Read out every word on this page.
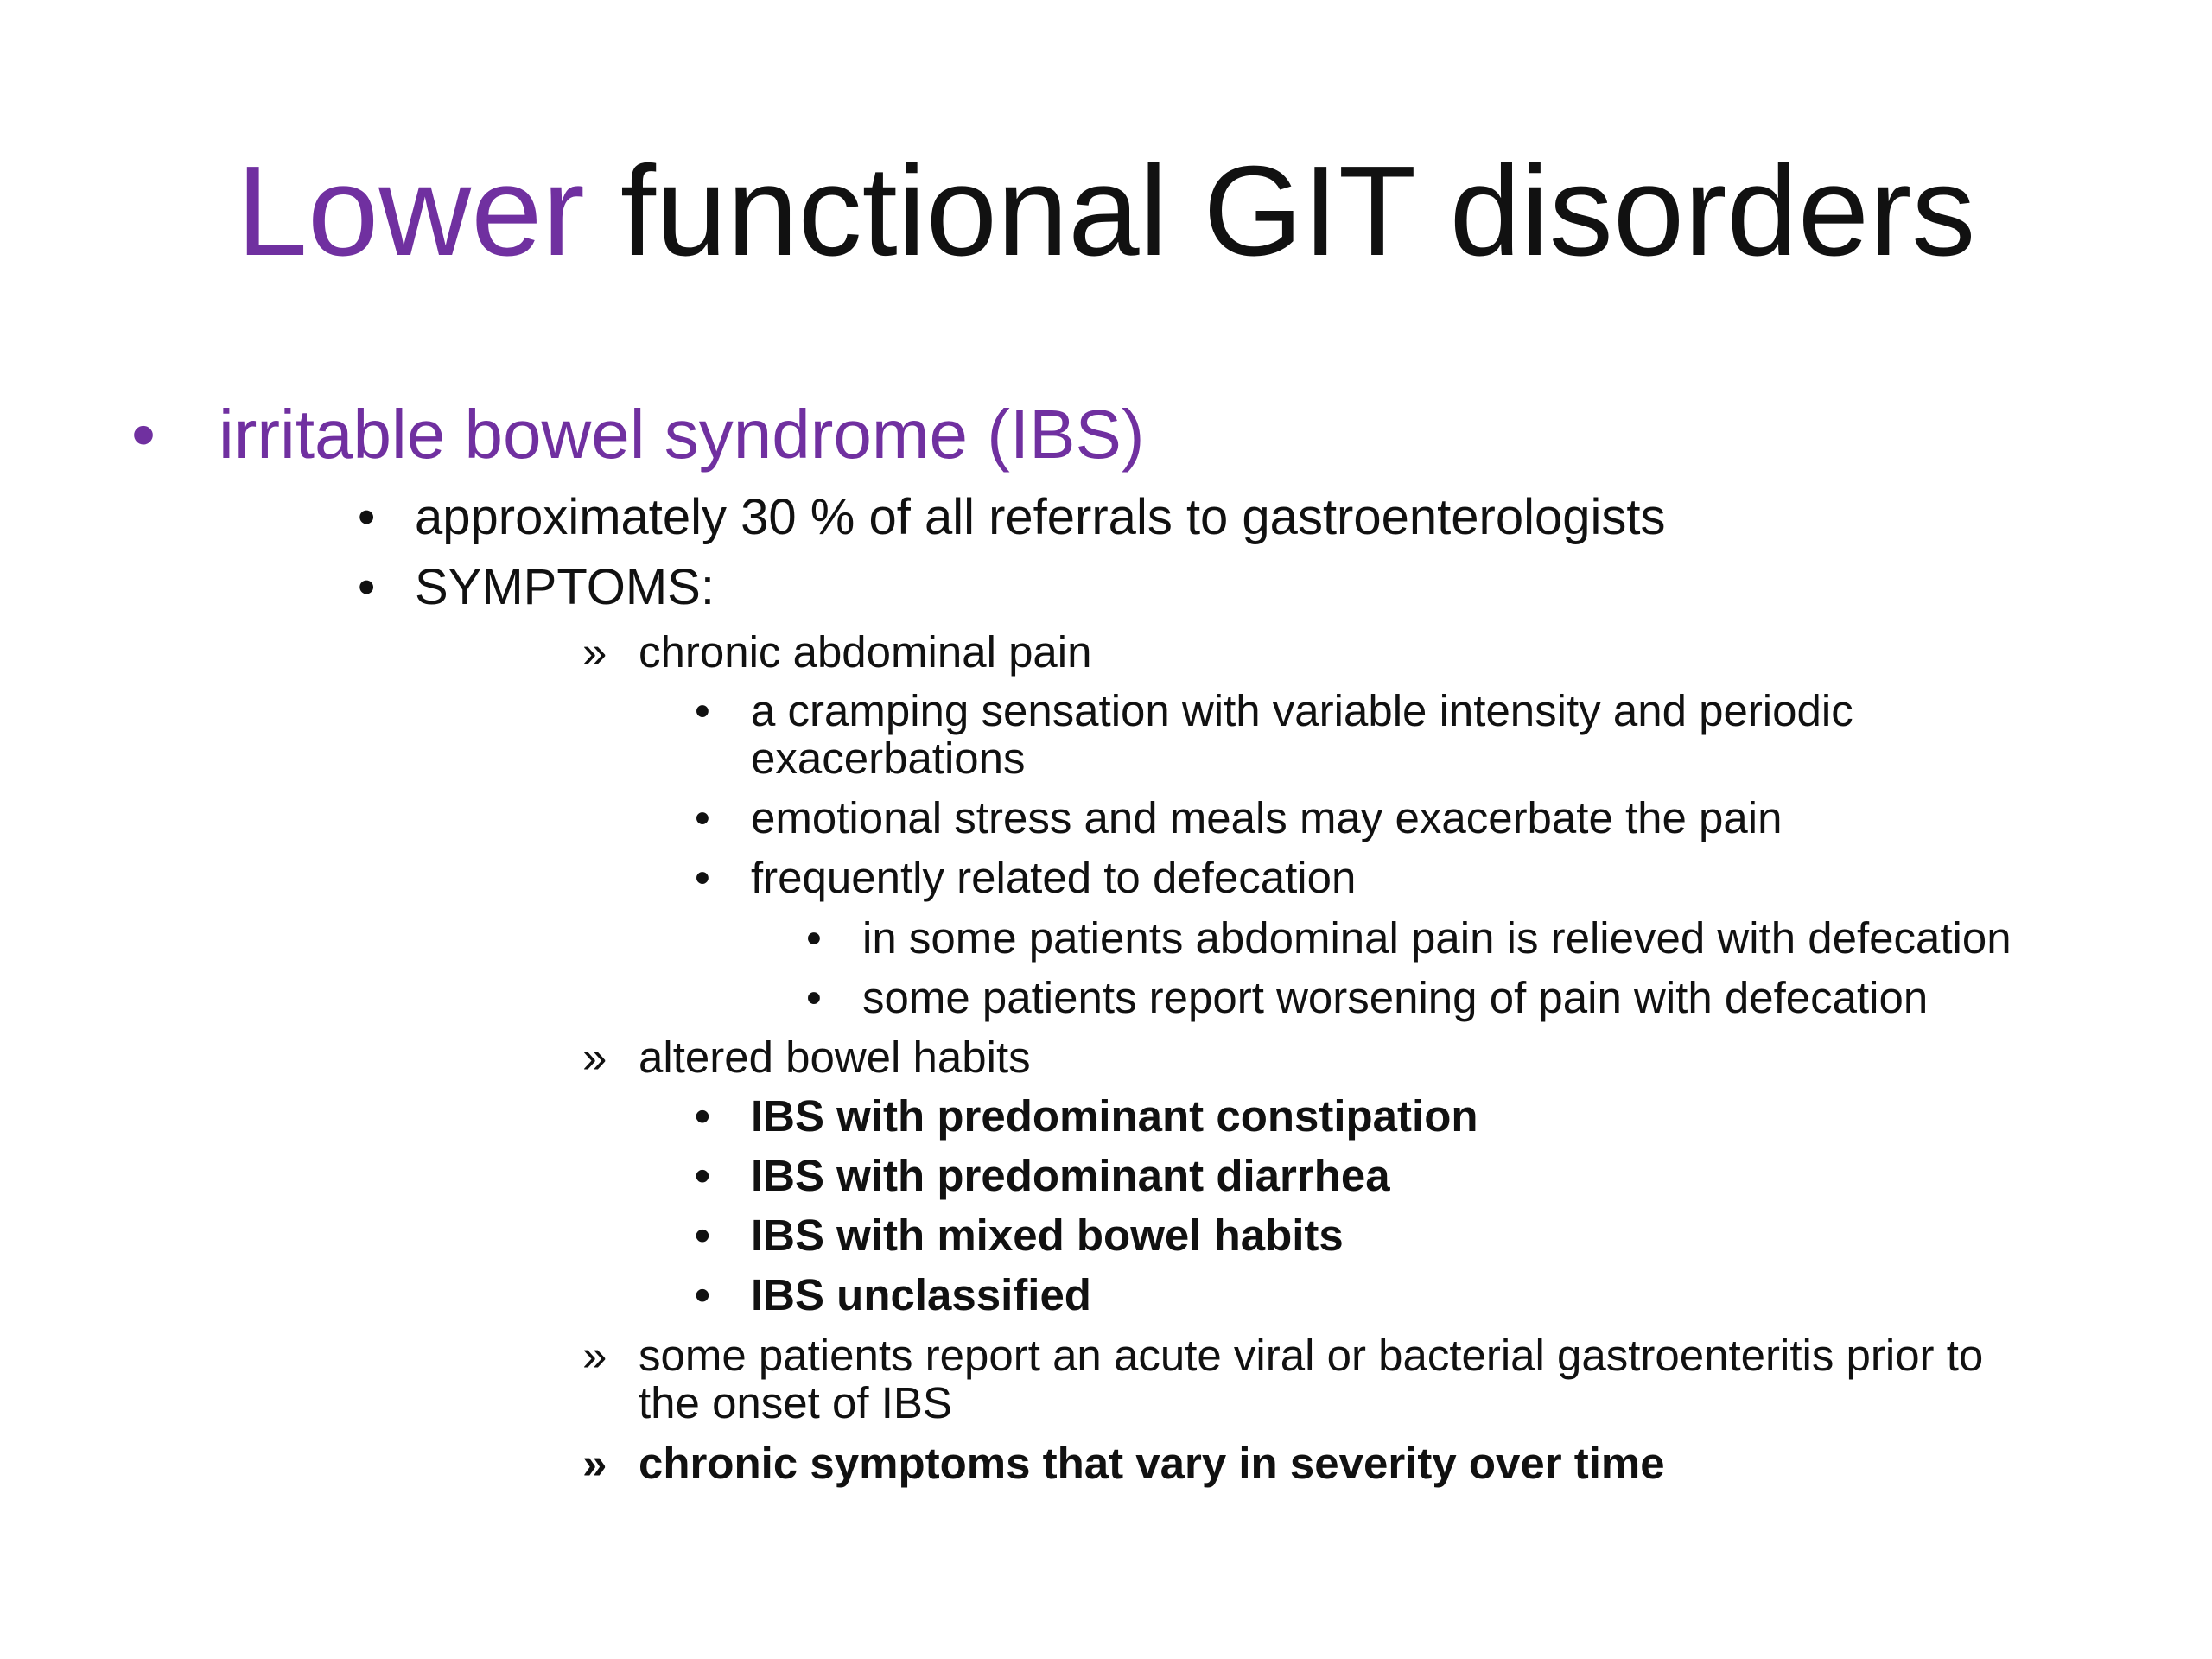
Lower functional GIT disorders
• irritable bowel syndrome (IBS)
• approximately 30 % of all referrals to gastroenterologists
• SYMPTOMS:
» chronic abdominal pain
• a cramping sensation with variable intensity and periodic
exacerbations
• emotional stress and meals may exacerbate the pain
• frequently related to defecation
• in some patients abdominal pain is relieved with defecation
• some patients report worsening of pain with defecation
» altered bowel habits
• IBS with predominant constipation
• IBS with predominant diarrhea
• IBS with mixed bowel habits
• IBS unclassified
» some patients report an acute viral or bacterial gastroenteritis prior to
the onset of IBS
» chronic symptoms that vary in severity over time
